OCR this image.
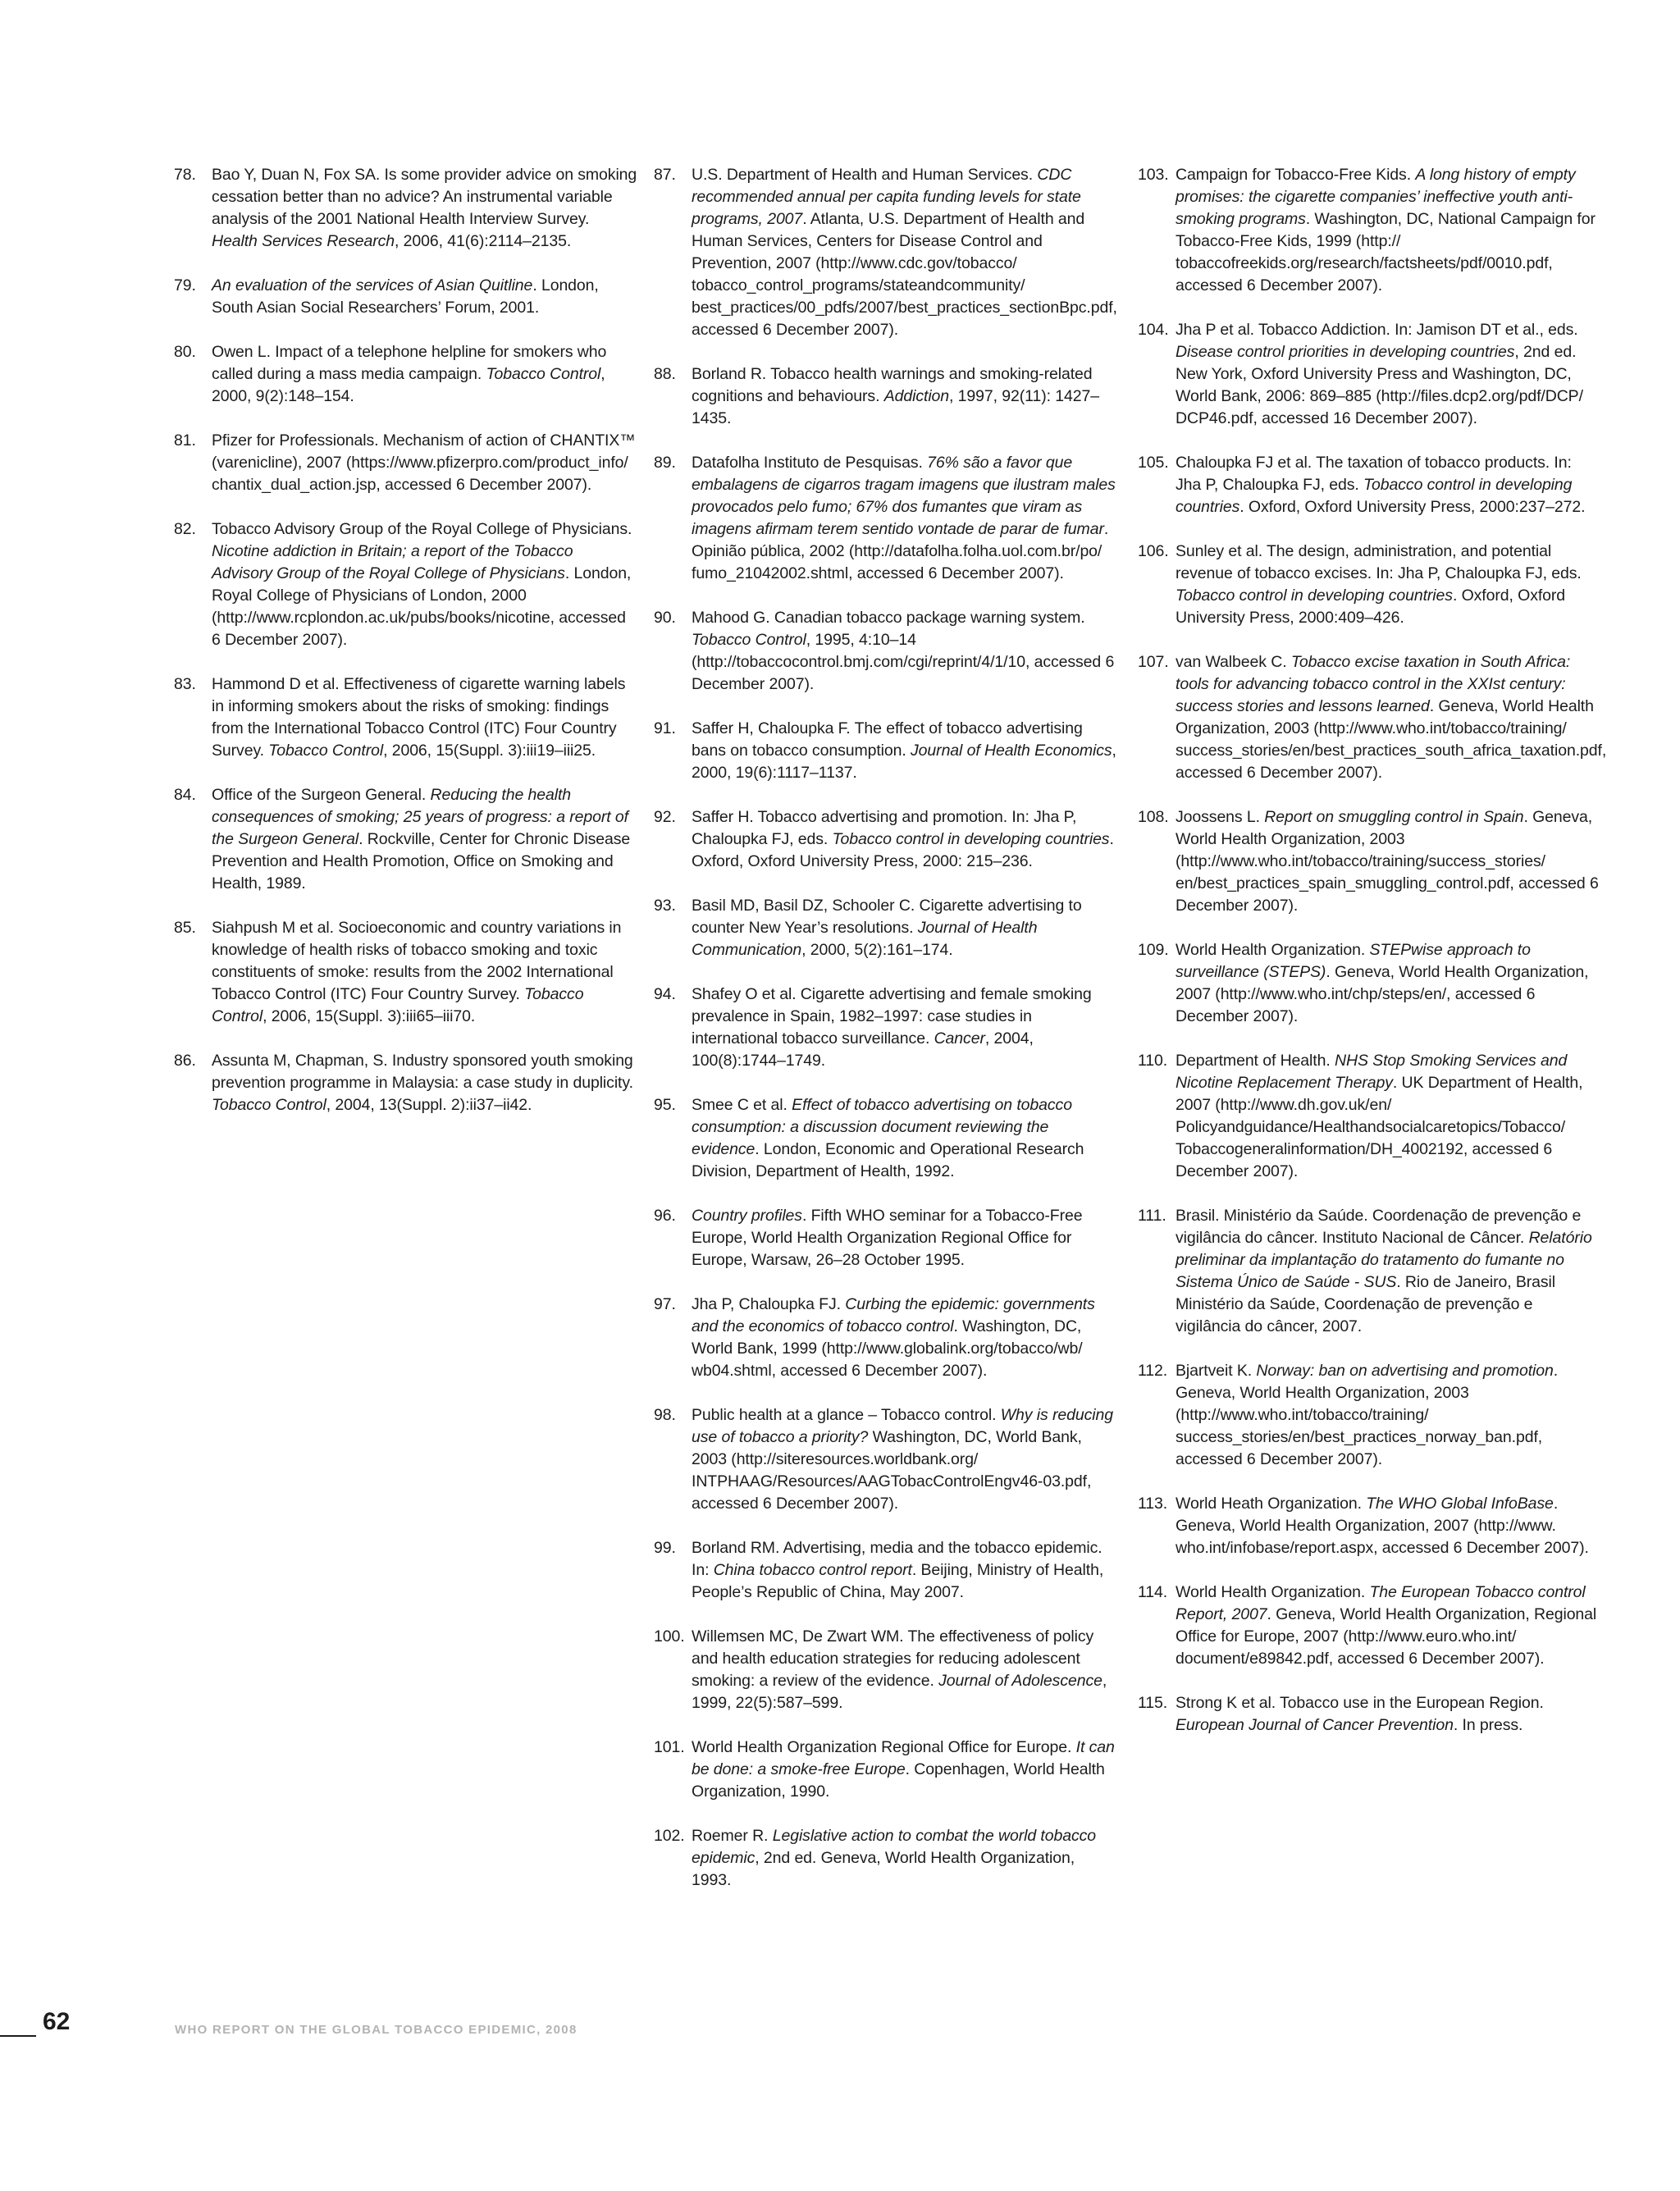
78. Bao Y, Duan N, Fox SA. Is some provider advice on smoking cessation better than no advice? An instrumental variable analysis of the 2001 National Health Interview Survey. Health Services Research, 2006, 41(6):2114–2135.
79. An evaluation of the services of Asian Quitline. London, South Asian Social Researchers’ Forum, 2001.
80. Owen L. Impact of a telephone helpline for smokers who called during a mass media campaign. Tobacco Control, 2000, 9(2):148–154.
81. Pfizer for Professionals. Mechanism of action of CHANTIX™ (varenicline), 2007 (https://www.pfizerpro.com/product_info/ chantix_dual_action.jsp, accessed 6 December 2007).
82. Tobacco Advisory Group of the Royal College of Physicians. Nicotine addiction in Britain; a report of the Tobacco Advisory Group of the Royal College of Physicians. London, Royal College of Physicians of London, 2000 (http://www.rcplondon.ac.uk/pubs/books/nicotine, accessed 6 December 2007).
83. Hammond D et al. Effectiveness of cigarette warning labels in informing smokers about the risks of smoking: findings from the International Tobacco Control (ITC) Four Country Survey. Tobacco Control, 2006, 15(Suppl. 3):iii19–iii25.
84. Office of the Surgeon General. Reducing the health consequences of smoking; 25 years of progress: a report of the Surgeon General. Rockville, Center for Chronic Disease Prevention and Health Promotion, Office on Smoking and Health, 1989.
85. Siahpush M et al. Socioeconomic and country variations in knowledge of health risks of tobacco smoking and toxic constituents of smoke: results from the 2002 International Tobacco Control (ITC) Four Country Survey. Tobacco Control, 2006, 15(Suppl. 3):iii65–iii70.
86. Assunta M, Chapman, S. Industry sponsored youth smoking prevention programme in Malaysia: a case study in duplicity. Tobacco Control, 2004, 13(Suppl. 2):ii37–ii42.
87. U.S. Department of Health and Human Services. CDC recommended annual per capita funding levels for state programs, 2007. Atlanta, U.S. Department of Health and Human Services, Centers for Disease Control and Prevention, 2007 (http://www.cdc.gov/tobacco/ tobacco_control_programs/stateandcommunity/ best_practices/00_pdfs/2007/best_practices_sectionBpc.pdf, accessed 6 December 2007).
88. Borland R. Tobacco health warnings and smoking-related cognitions and behaviours. Addiction, 1997, 92(11): 1427–1435.
89. Datafolha Instituto de Pesquisas. 76% são a favor que embalagens de cigarros tragam imagens que ilustram males provocados pelo fumo; 67% dos fumantes que viram as imagens afirmam terem sentido vontade de parar de fumar. Opinião pública, 2002 (http://datafolha.folha.uol.com.br/po/ fumo_21042002.shtml, accessed 6 December 2007).
90. Mahood G. Canadian tobacco package warning system. Tobacco Control, 1995, 4:10–14 (http://tobaccocontrol.bmj.com/cgi/reprint/4/1/10, accessed 6 December 2007).
91. Saffer H, Chaloupka F. The effect of tobacco advertising bans on tobacco consumption. Journal of Health Economics, 2000, 19(6):1117–1137.
92. Saffer H. Tobacco advertising and promotion. In: Jha P, Chaloupka FJ, eds. Tobacco control in developing countries. Oxford, Oxford University Press, 2000: 215–236.
93. Basil MD, Basil DZ, Schooler C. Cigarette advertising to counter New Year’s resolutions. Journal of Health Communication, 2000, 5(2):161–174.
94. Shafey O et al. Cigarette advertising and female smoking prevalence in Spain, 1982–1997: case studies in international tobacco surveillance. Cancer, 2004, 100(8):1744–1749.
95. Smee C et al. Effect of tobacco advertising on tobacco consumption: a discussion document reviewing the evidence. London, Economic and Operational Research Division, Department of Health, 1992.
96. Country profiles. Fifth WHO seminar for a Tobacco-Free Europe, World Health Organization Regional Office for Europe, Warsaw, 26–28 October 1995.
97. Jha P, Chaloupka FJ. Curbing the epidemic: governments and the economics of tobacco control. Washington, DC, World Bank, 1999 (http://www.globalink.org/tobacco/wb/ wb04.shtml, accessed 6 December 2007).
98. Public health at a glance – Tobacco control. Why is reducing use of tobacco a priority? Washington, DC, World Bank, 2003 (http://siteresources.worldbank.org/ INTPHAAG/Resources/AAGTobacControlEngv46-03.pdf, accessed 6 December 2007).
99. Borland RM. Advertising, media and the tobacco epidemic. In: China tobacco control report. Beijing, Ministry of Health, People’s Republic of China, May 2007.
100. Willemsen MC, De Zwart WM. The effectiveness of policy and health education strategies for reducing adolescent smoking: a review of the evidence. Journal of Adolescence, 1999, 22(5):587–599.
101. World Health Organization Regional Office for Europe. It can be done: a smoke-free Europe. Copenhagen, World Health Organization, 1990.
102. Roemer R. Legislative action to combat the world tobacco epidemic, 2nd ed. Geneva, World Health Organization, 1993.
103. Campaign for Tobacco-Free Kids. A long history of empty promises: the cigarette companies’ ineffective youth anti-smoking programs. Washington, DC, National Campaign for Tobacco-Free Kids, 1999 (http:// tobaccofreekids.org/research/factsheets/pdf/0010.pdf, accessed 6 December 2007).
104. Jha P et al. Tobacco Addiction. In: Jamison DT et al., eds. Disease control priorities in developing countries, 2nd ed. New York, Oxford University Press and Washington, DC, World Bank, 2006: 869–885 (http://files.dcp2.org/pdf/DCP/ DCP46.pdf, accessed 16 December 2007).
105. Chaloupka FJ et al. The taxation of tobacco products. In: Jha P, Chaloupka FJ, eds. Tobacco control in developing countries. Oxford, Oxford University Press, 2000:237–272.
106. Sunley et al. The design, administration, and potential revenue of tobacco excises. In: Jha P, Chaloupka FJ, eds. Tobacco control in developing countries. Oxford, Oxford University Press, 2000:409–426.
107. van Walbeek C. Tobacco excise taxation in South Africa: tools for advancing tobacco control in the XXIst century: success stories and lessons learned. Geneva, World Health Organization, 2003 (http://www.who.int/tobacco/training/ success_stories/en/best_practices_south_africa_taxation.pdf, accessed 6 December 2007).
108. Joossens L. Report on smuggling control in Spain. Geneva, World Health Organization, 2003 (http://www.who.int/tobacco/training/success_stories/ en/best_practices_spain_smuggling_control.pdf, accessed 6 December 2007).
109. World Health Organization. STEPwise approach to surveillance (STEPS). Geneva, World Health Organization, 2007 (http://www.who.int/chp/steps/en/, accessed 6 December 2007).
110. Department of Health. NHS Stop Smoking Services and Nicotine Replacement Therapy. UK Department of Health, 2007 (http://www.dh.gov.uk/en/ Policyandguidance/Healthandsocialcaretopics/Tobacco/ Tobaccogeneralinformation/DH_4002192, accessed 6 December 2007).
111. Brasil. Ministério da Saúde. Coordenação de prevenção e vigilância do câncer. Instituto Nacional de Câncer. Relatório preliminar da implantação do tratamento do fumante no Sistema Único de Saúde - SUS. Rio de Janeiro, Brasil Ministério da Saúde, Coordenação de prevenção e vigilância do câncer, 2007.
112. Bjartveit K. Norway: ban on advertising and promotion. Geneva, World Health Organization, 2003 (http://www.who.int/tobacco/training/ success_stories/en/best_practices_norway_ban.pdf, accessed 6 December 2007).
113. World Heath Organization. The WHO Global InfoBase. Geneva, World Health Organization, 2007 (http://www. who.int/infobase/report.aspx, accessed 6 December 2007).
114. World Health Organization. The European Tobacco control Report, 2007. Geneva, World Health Organization, Regional Office for Europe, 2007 (http://www.euro.who.int/ document/e89842.pdf, accessed 6 December 2007).
115. Strong K et al. Tobacco use in the European Region. European Journal of Cancer Prevention. In press.
62	WHO REPORT ON THE GLOBAL TOBACCO EPIDEMIC, 2008
